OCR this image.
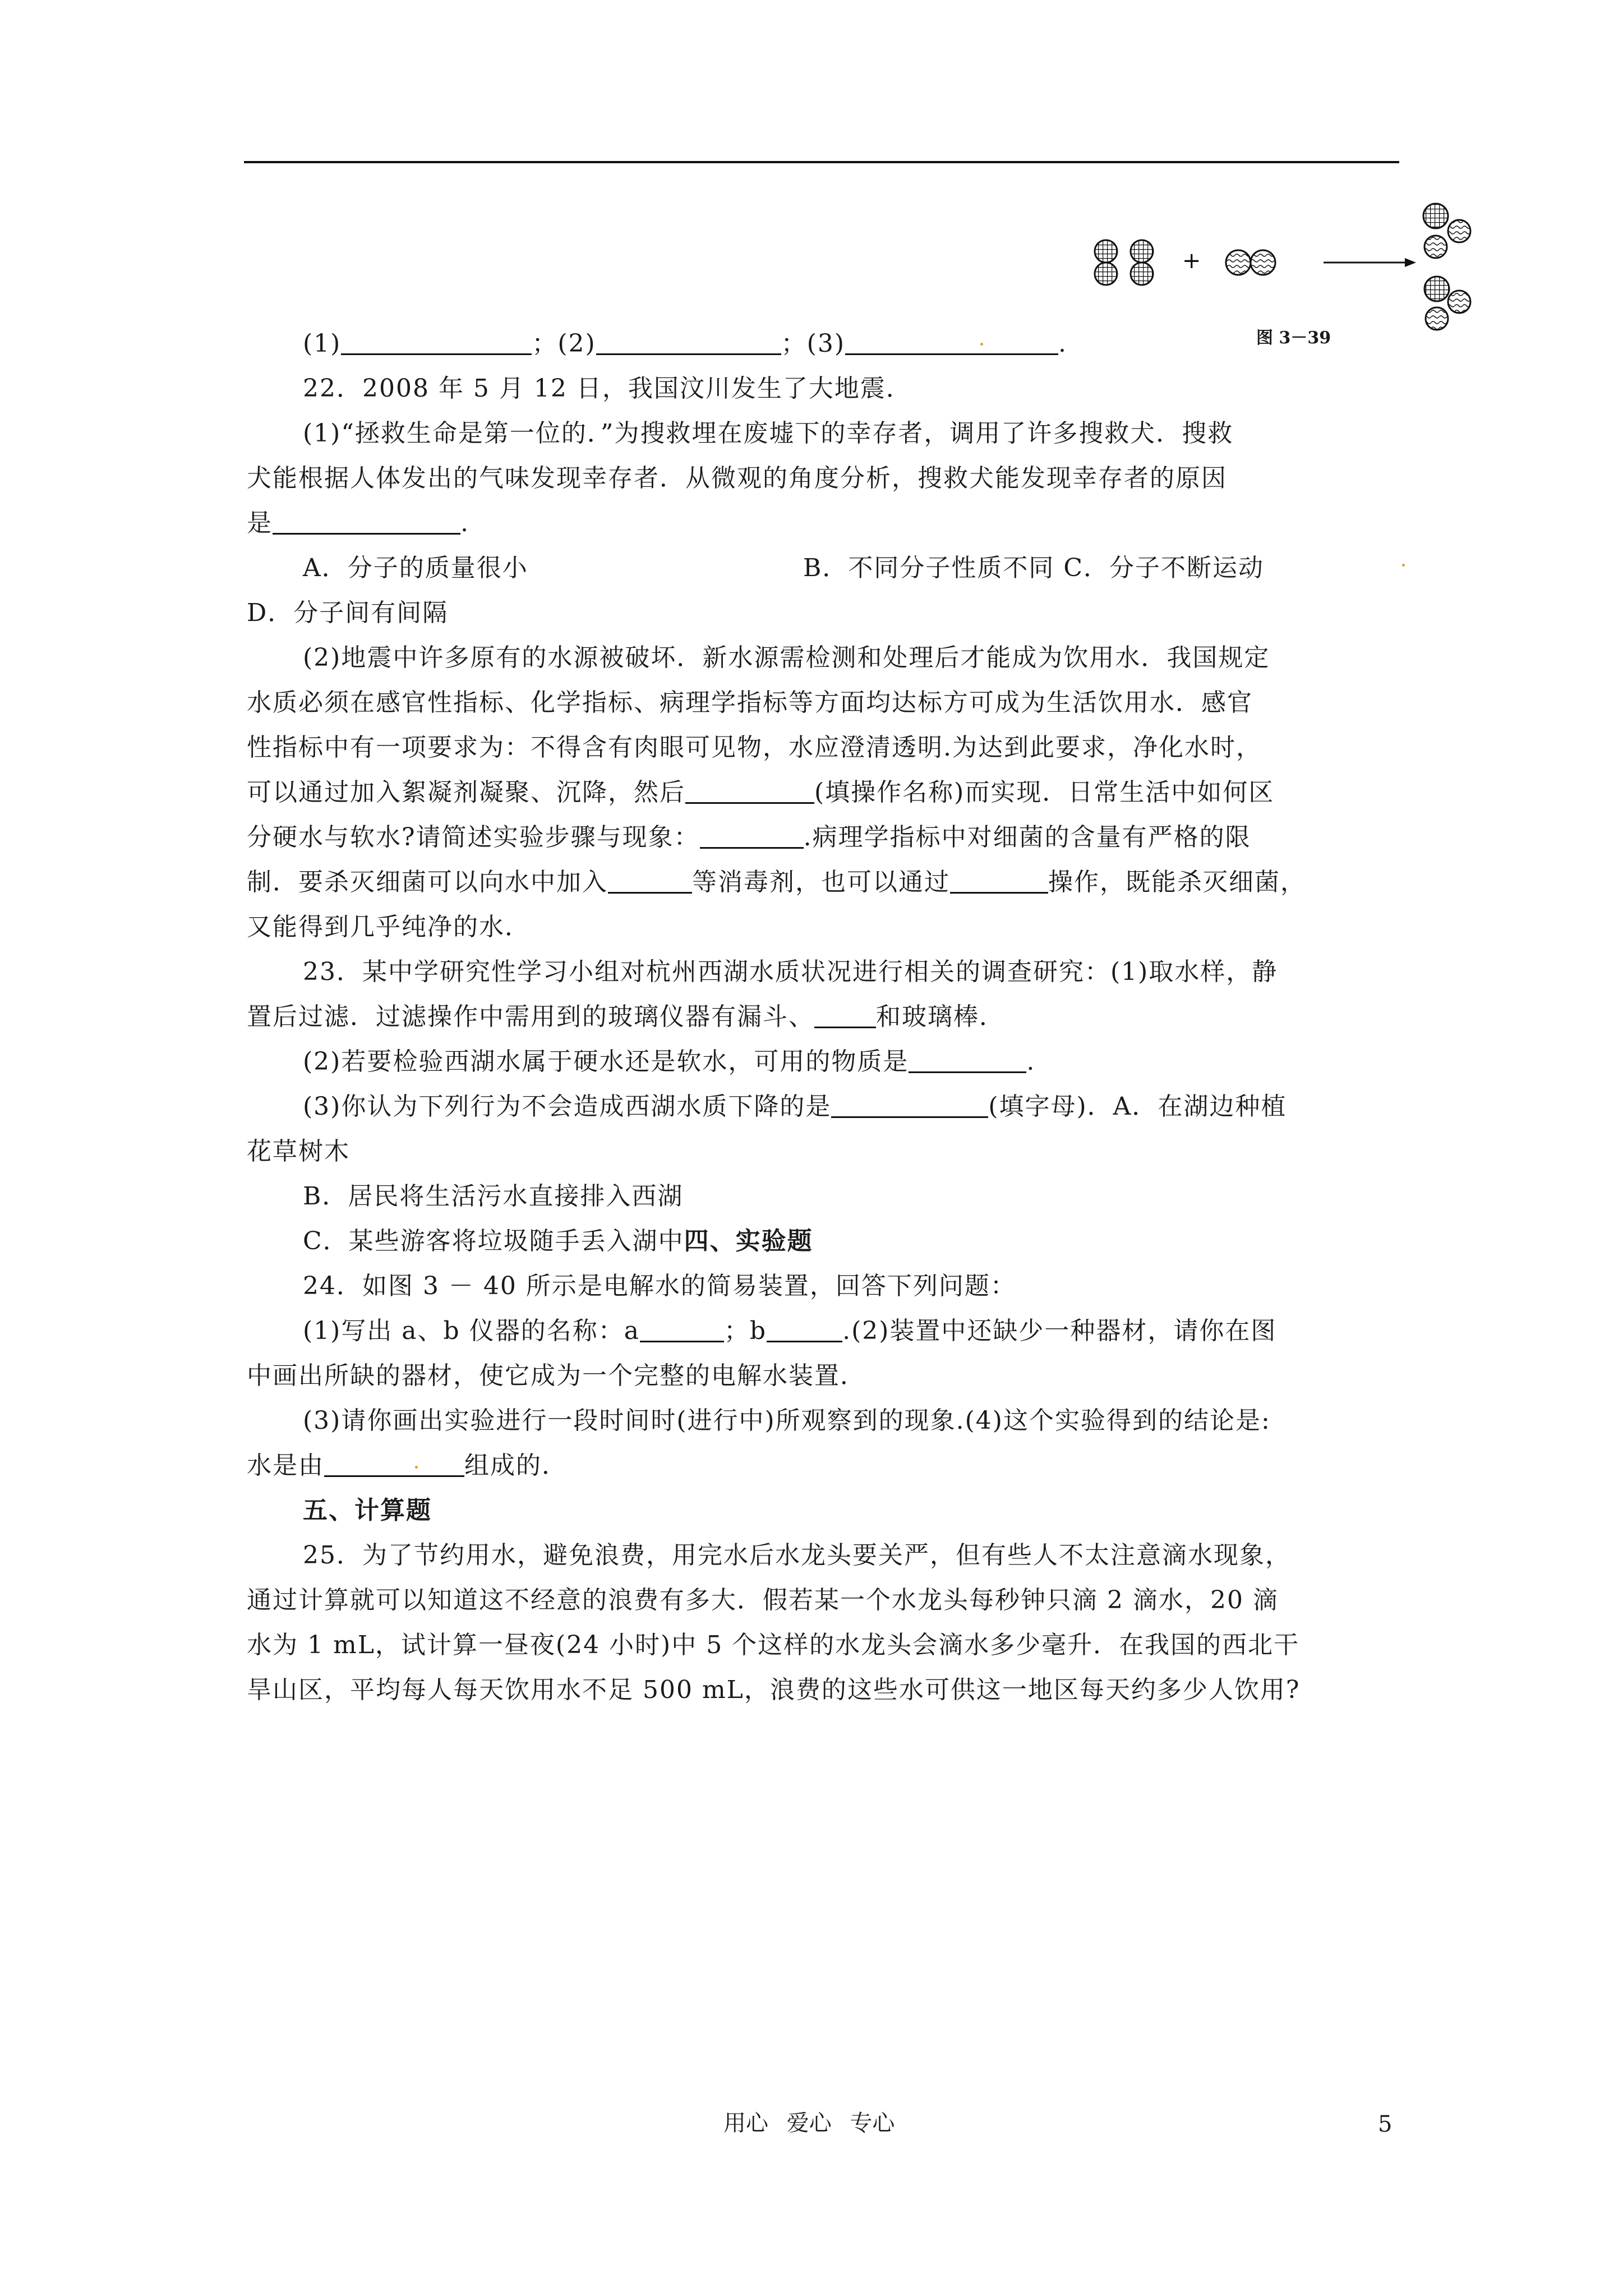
+
图 3－39
(1)	；(2)	；(3)	.
22．2008 年 5 月 12 日，我国汶川发生了大地震．
(1)“拯救生命是第一位的．”为搜救埋在废墟下的幸存者，调用了许多搜救犬．搜救
犬能根据人体发出的气味发现幸存者．从微观的角度分析，搜救犬能发现幸存者的原因
是	.
A．分子的质量很小	B．不同分子性质不同 C．分子不断运动
D．分子间有间隔
(2)地震中许多原有的水源被破坏．新水源需检测和处理后才能成为饮用水．我国规定
水质必须在感官性指标、化学指标、病理学指标等方面均达标方可成为生活饮用水．感官
性指标中有一项要求为：不得含有肉眼可见物，水应澄清透明.为达到此要求，净化水时，
可以通过加入絮凝剂凝聚、沉降，然后	(填操作名称)而实现．日常生活中如何区
分硬水与软水?请简述实验步骤与现象：	.病理学指标中对细菌的含量有严格的限
制．要杀灭细菌可以向水中加入	等消毒剂，也可以通过	操作，既能杀灭细菌，
又能得到几乎纯净的水．
23．某中学研究性学习小组对杭州西湖水质状况进行相关的调查研究：(1)取水样，静
置后过滤．过滤操作中需用到的玻璃仪器有漏斗、	和玻璃棒．
(2)若要检验西湖水属于硬水还是软水，可用的物质是	.
(3)你认为下列行为不会造成西湖水质下降的是	(填字母)．A．在湖边种植
花草树木
B．居民将生活污水直接排入西湖
C．某些游客将垃圾随手丢入湖中四、实验题
24．如图 3 － 40 所示是电解水的简易装置，回答下列问题：
(1)写出 a、b 仪器的名称：a	；b	.(2)装置中还缺少一种器材，请你在图
中画出所缺的器材，使它成为一个完整的电解水装置．
(3)请你画出实验进行一段时间时(进行中)所观察到的现象.(4)这个实验得到的结论是:
水是由	组成的．
五、计算题
25．为了节约用水，避免浪费，用完水后水龙头要关严，但有些人不太注意滴水现象，
通过计算就可以知道这不经意的浪费有多大．假若某一个水龙头每秒钟只滴 2 滴水，20 滴
水为 1 mL，试计算一昼夜(24 小时)中 5 个这样的水龙头会滴水多少毫升．在我国的西北干
旱山区，平均每人每天饮用水不足 500 mL，浪费的这些水可供这一地区每天约多少人饮用?
用心 爱心 专心	5
